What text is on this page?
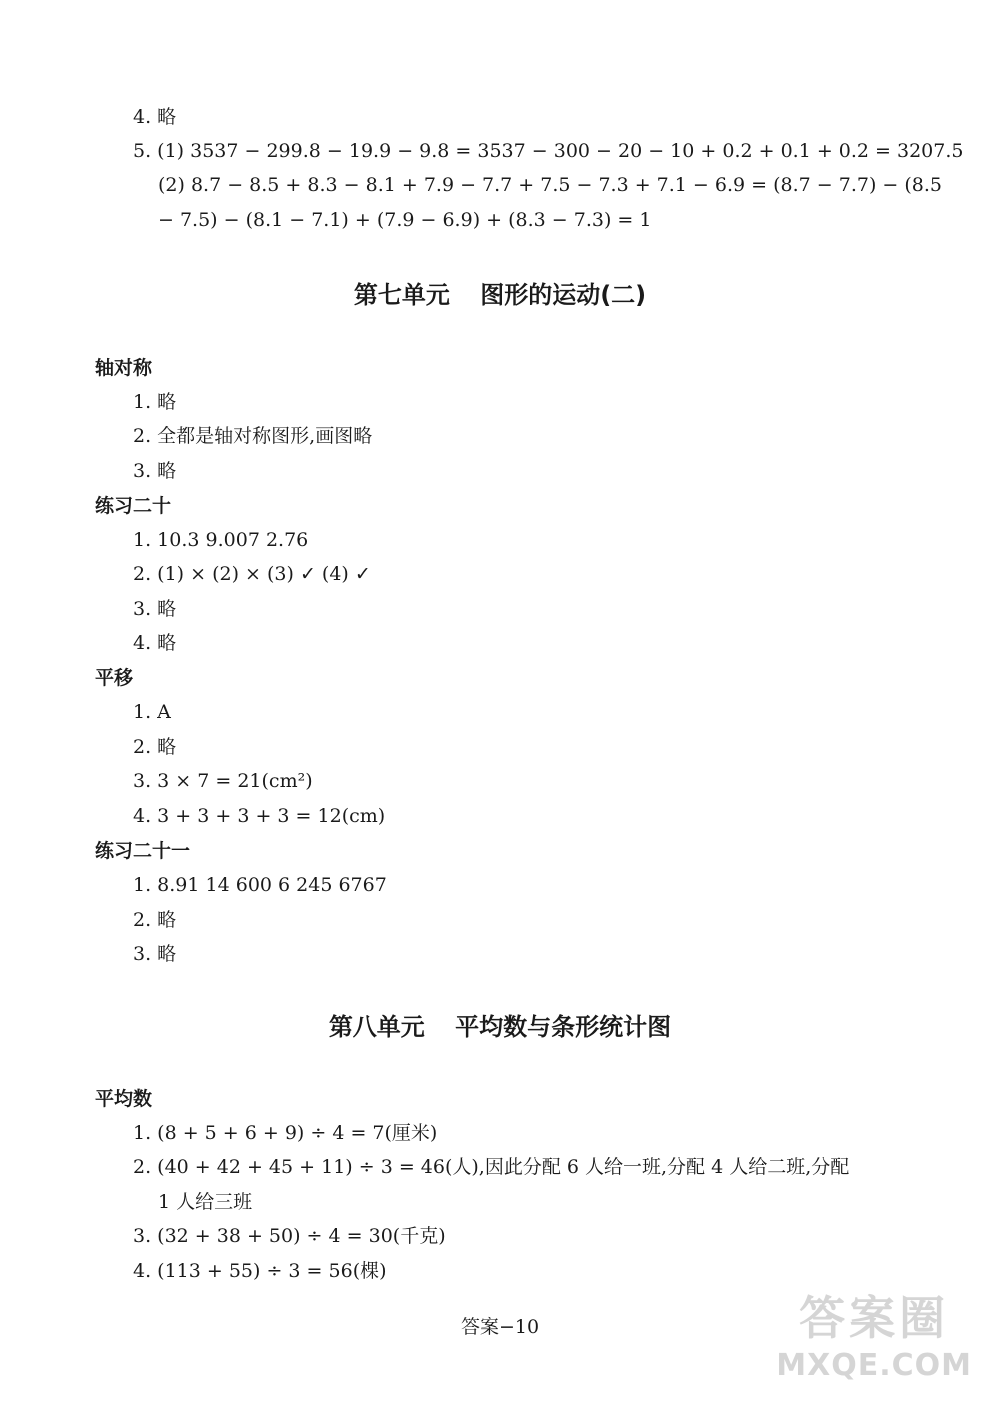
4. 略
5. (1) 3537 − 299.8 − 19.9 − 9.8 = 3537 − 300 − 20 − 10 + 0.2 + 0.1 + 0.2 = 3207.5
(2) 8.7 − 8.5 + 8.3 − 8.1 + 7.9 − 7.7 + 7.5 − 7.3 + 7.1 − 6.9 = (8.7 − 7.7) − (8.5
− 7.5) − (8.1 − 7.1) + (7.9 − 6.9) + (8.3 − 7.3) = 1
第七单元 图形的运动(二)
轴对称
1. 略
2. 全都是轴对称图形,画图略
3. 略
练习二十
1. 10.3 9.007 2.76
2. (1) × (2) × (3) ✓ (4) ✓
3. 略
4. 略
平移
1. A
2. 略
3. 3 × 7 = 21(cm²)
4. 3 + 3 + 3 + 3 = 12(cm)
练习二十一
1. 8.91 14 600 6 245 6767
2. 略
3. 略
第八单元 平均数与条形统计图
平均数
1. (8 + 5 + 6 + 9) ÷ 4 = 7(厘米)
2. (40 + 42 + 45 + 11) ÷ 3 = 46(人),因此分配 6 人给一班,分配 4 人给二班,分配
1 人给三班
3. (32 + 38 + 50) ÷ 4 = 30(千克)
4. (113 + 55) ÷ 3 = 56(棵)
答案−10	答案圈
MXQE.COM
